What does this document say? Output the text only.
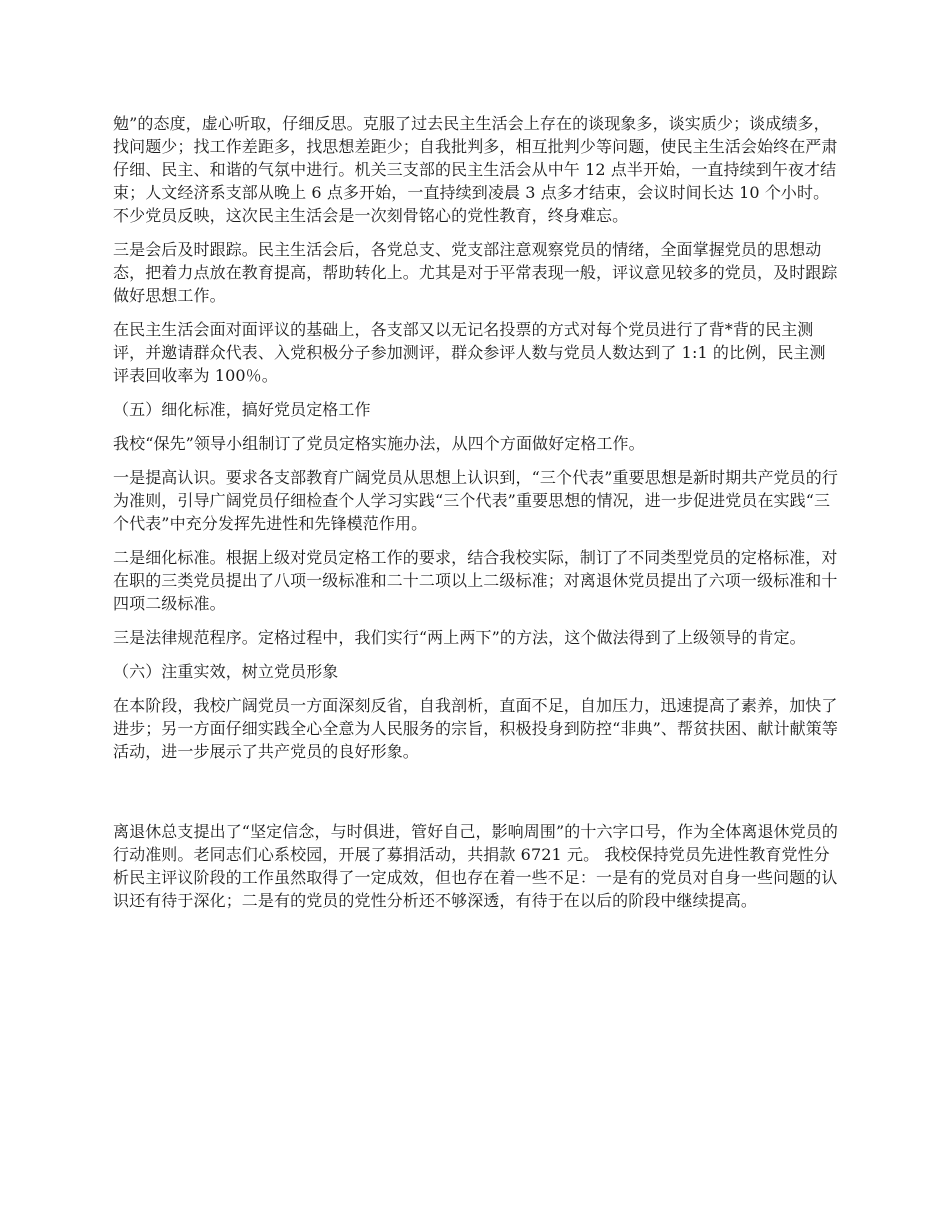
勉”的态度，虚心听取，仔细反思。克服了过去民主生活会上存在的谈现象多，谈实质少；谈成绩多，找问题少；找工作差距多，找思想差距少；自我批判多，相互批判少等问题，使民主生活会始终在严肃仔细、民主、和谐的气氛中进行。机关三支部的民主生活会从中午 12 点半开始，一直持续到午夜才结束；人文经济系支部从晚上 6 点多开始，一直持续到凌晨 3 点多才结束，会议时间长达 10 个小时。不少党员反映，这次民主生活会是一次刻骨铭心的党性教育，终身难忘。

三是会后及时跟踪。民主生活会后，各党总支、党支部注意观察党员的情绪，全面掌握党员的思想动态，把着力点放在教育提高，帮助转化上。尤其是对于平常表现一般，评议意见较多的党员，及时跟踪做好思想工作。

在民主生活会面对面评议的基础上，各支部又以无记名投票的方式对每个党员进行了背*背的民主测评，并邀请群众代表、入党积极分子参加测评，群众参评人数与党员人数达到了 1:1 的比例，民主测评表回收率为 100％。

（五）细化标准，搞好党员定格工作

我校“保先”领导小组制订了党员定格实施办法，从四个方面做好定格工作。

一是提高认识。要求各支部教育广阔党员从思想上认识到，“三个代表”重要思想是新时期共产党员的行为准则，引导广阔党员仔细检查个人学习实践“三个代表”重要思想的情况，进一步促进党员在实践“三个代表”中充分发挥先进性和先锋模范作用。

二是细化标准。根据上级对党员定格工作的要求，结合我校实际，制订了不同类型党员的定格标准，对在职的三类党员提出了八项一级标准和二十二项以上二级标准；对离退休党员提出了六项一级标准和十四项二级标准。

三是法律规范程序。定格过程中，我们实行“两上两下”的方法，这个做法得到了上级领导的肯定。

（六）注重实效，树立党员形象

在本阶段，我校广阔党员一方面深刻反省，自我剖析，直面不足，自加压力，迅速提高了素养，加快了进步；另一方面仔细实践全心全意为人民服务的宗旨，积极投身到防控“非典”、帮贫扶困、献计献策等活动，进一步展示了共产党员的良好形象。

离退休总支提出了“坚定信念，与时俱进，管好自己，影响周围”的十六字口号，作为全体离退休党员的行动准则。老同志们心系校园，开展了募捐活动，共捐款 6721 元。 我校保持党员先进性教育党性分析民主评议阶段的工作虽然取得了一定成效，但也存在着一些不足：一是有的党员对自身一些问题的认识还有待于深化；二是有的党员的党性分析还不够深透，有待于在以后的阶段中继续提高。
